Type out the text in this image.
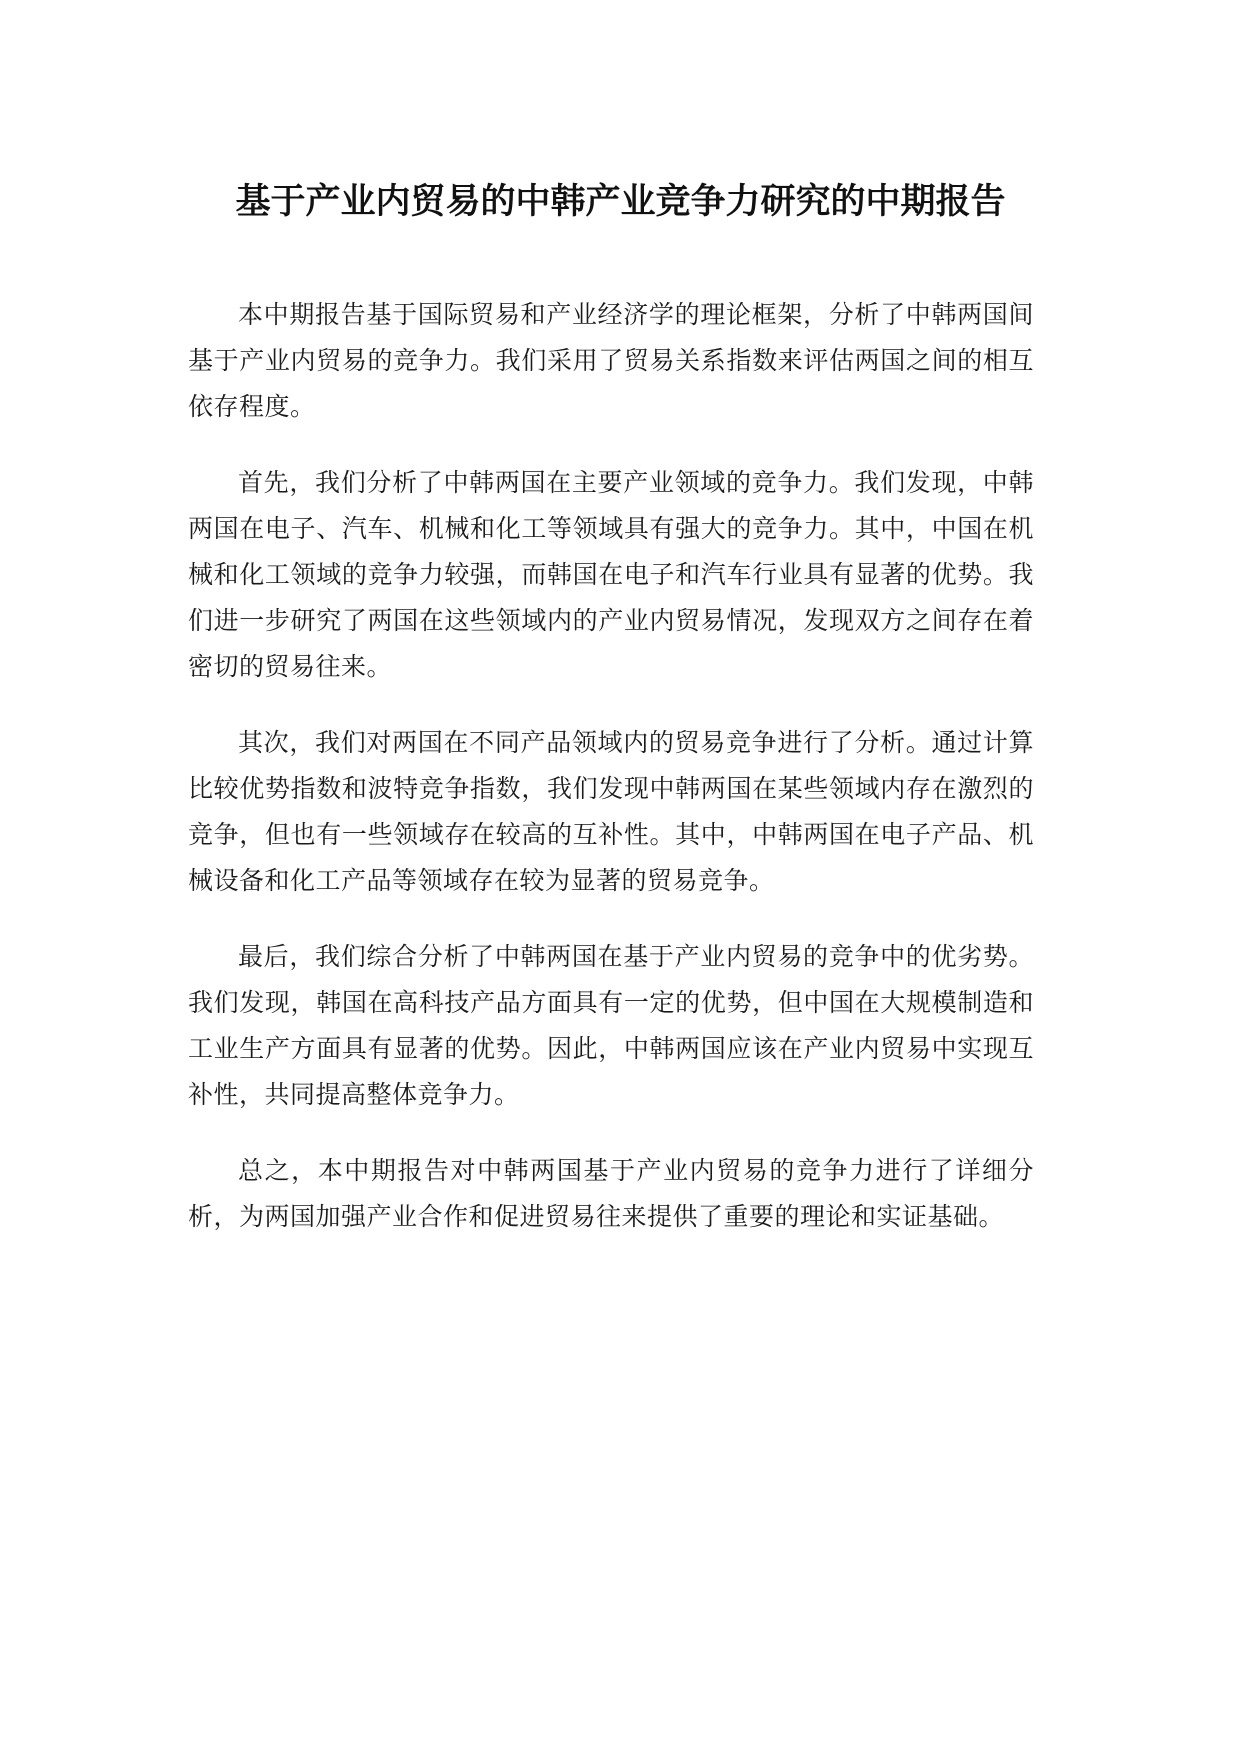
基于产业内贸易的中韩产业竞争力研究的中期报告

本中期报告基于国际贸易和产业经济学的理论框架，分析了中韩两国间基于产业内贸易的竞争力。我们采用了贸易关系指数来评估两国之间的相互依存程度。

首先，我们分析了中韩两国在主要产业领域的竞争力。我们发现，中韩两国在电子、汽车、机械和化工等领域具有强大的竞争力。其中，中国在机械和化工领域的竞争力较强，而韩国在电子和汽车行业具有显著的优势。我们进一步研究了两国在这些领域内的产业内贸易情况，发现双方之间存在着密切的贸易往来。

其次，我们对两国在不同产品领域内的贸易竞争进行了分析。通过计算比较优势指数和波特竞争指数，我们发现中韩两国在某些领域内存在激烈的竞争，但也有一些领域存在较高的互补性。其中，中韩两国在电子产品、机械设备和化工产品等领域存在较为显著的贸易竞争。

最后，我们综合分析了中韩两国在基于产业内贸易的竞争中的优劣势。我们发现，韩国在高科技产品方面具有一定的优势，但中国在大规模制造和工业生产方面具有显著的优势。因此，中韩两国应该在产业内贸易中实现互补性，共同提高整体竞争力。

总之，本中期报告对中韩两国基于产业内贸易的竞争力进行了详细分析，为两国加强产业合作和促进贸易往来提供了重要的理论和实证基础。
